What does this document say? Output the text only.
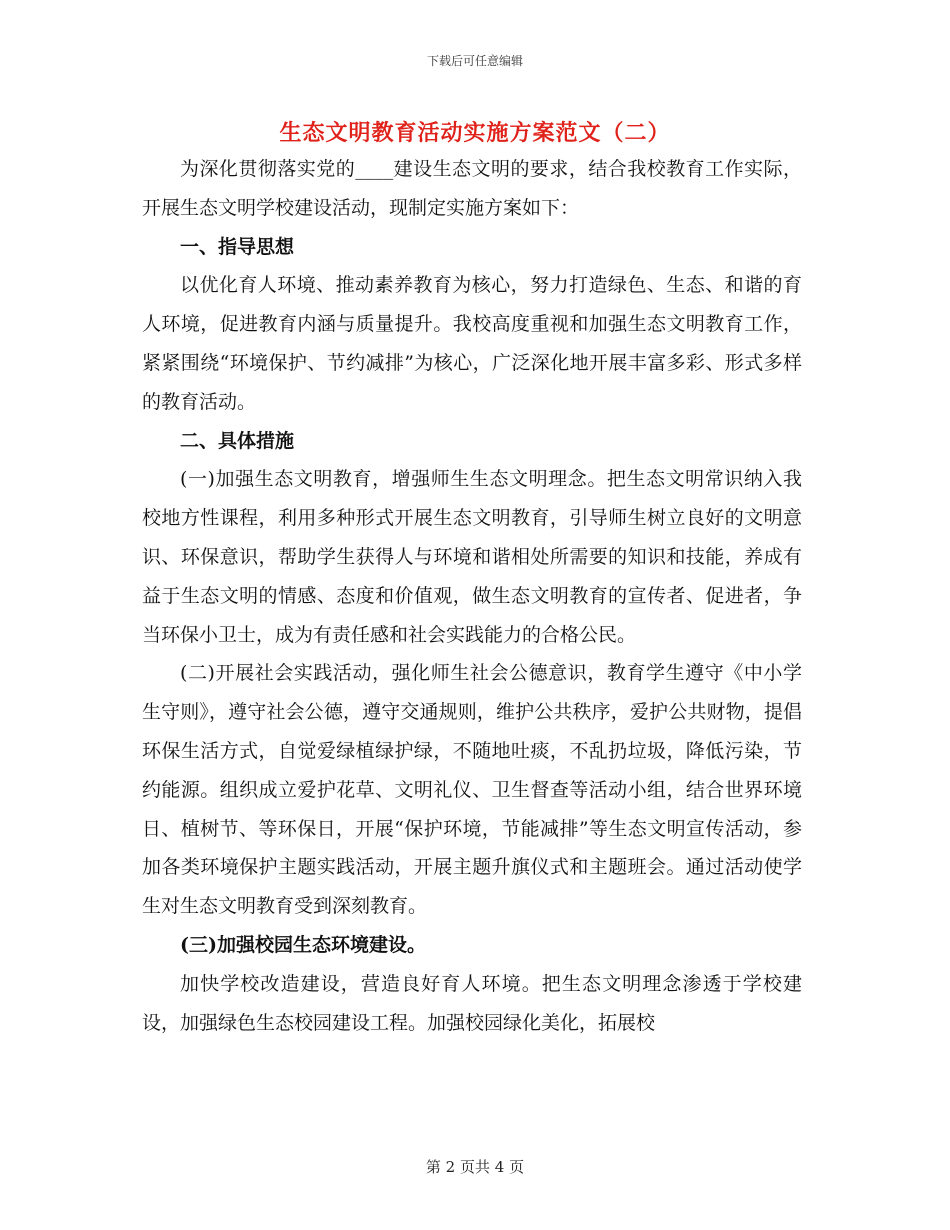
下载后可任意编辑
生态文明教育活动实施方案范文（二）

为深化贯彻落实党的____建设生态文明的要求，结合我校教育工作实际，开展生态文明学校建设活动，现制定实施方案如下：

一、指导思想

以优化育人环境、推动素养教育为核心，努力打造绿色、生态、和谐的育人环境，促进教育内涵与质量提升。我校高度重视和加强生态文明教育工作，紧紧围绕“环境保护、节约减排”为核心，广泛深化地开展丰富多彩、形式多样的教育活动。

二、具体措施

(一)加强生态文明教育，增强师生生态文明理念。把生态文明常识纳入我校地方性课程，利用多种形式开展生态文明教育，引导师生树立良好的文明意识、环保意识，帮助学生获得人与环境和谐相处所需要的知识和技能，养成有益于生态文明的情感、态度和价值观，做生态文明教育的宣传者、促进者，争当环保小卫士，成为有责任感和社会实践能力的合格公民。

(二)开展社会实践活动，强化师生社会公德意识，教育学生遵守《中小学生守则》，遵守社会公德，遵守交通规则，维护公共秩序，爱护公共财物，提倡环保生活方式，自觉爱绿植绿护绿，不随地吐痰，不乱扔垃圾，降低污染，节约能源。组织成立爱护花草、文明礼仪、卫生督查等活动小组，结合世界环境日、植树节、等环保日，开展“保护环境，节能减排”等生态文明宣传活动，参加各类环境保护主题实践活动，开展主题升旗仪式和主题班会。通过活动使学生对生态文明教育受到深刻教育。

(三)加强校园生态环境建设。

加快学校改造建设，营造良好育人环境。把生态文明理念渗透于学校建设，加强绿色生态校园建设工程。加强校园绿化美化，拓展校

第 2 页共 4 页
